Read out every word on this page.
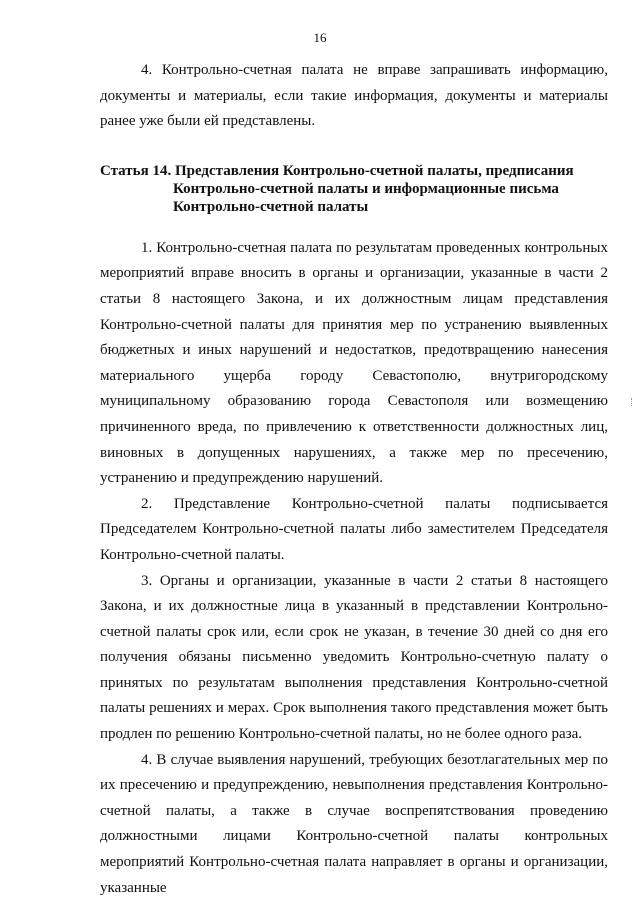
16

4. Контрольно-счетная палата не вправе запрашивать информацию, документы и материалы, если такие информация, документы и материалы ранее уже были ей представлены.

Статья 14. Представления Контрольно-счетной палаты, предписания
Контрольно-счетной палаты и информационные письма
Контрольно-счетной палаты

1. Контрольно-счетная палата по результатам проведенных контрольных мероприятий вправе вносить в органы и организации, указанные в части 2 статьи 8 настоящего Закона, и их должностным лицам представления Контрольно-счетной палаты для принятия мер по устранению выявленных бюджетных и иных нарушений и недостатков, предотвращению нанесения материального ущерба городу Севастополю, внутригородскому муниципальному образованию города Севастополя или возмещению причиненного вреда, по привлечению к ответственности должностных лиц, виновных в допущенных нарушениях, а также мер по пресечению, устранению и предупреждению нарушений.

2. Представление Контрольно-счетной палаты подписывается Председателем Контрольно-счетной палаты либо заместителем Председателя Контрольно-счетной палаты.

3. Органы и организации, указанные в части 2 статьи 8 настоящего Закона, и их должностные лица в указанный в представлении Контрольно-счетной палаты срок или, если срок не указан, в течение 30 дней со дня его получения обязаны письменно уведомить Контрольно-счетную палату о принятых по результатам выполнения представления Контрольно-счетной палаты решениях и мерах. Срок выполнения такого представления может быть продлен по решению Контрольно-счетной палаты, но не более одного раза.

4. В случае выявления нарушений, требующих безотлагательных мер по их пресечению и предупреждению, невыполнения представления Контрольно-счетной палаты, а также в случае воспрепятствования проведению должностными лицами Контрольно-счетной палаты контрольных мероприятий Контрольно-счетная палата направляет в органы и организации, указанные
